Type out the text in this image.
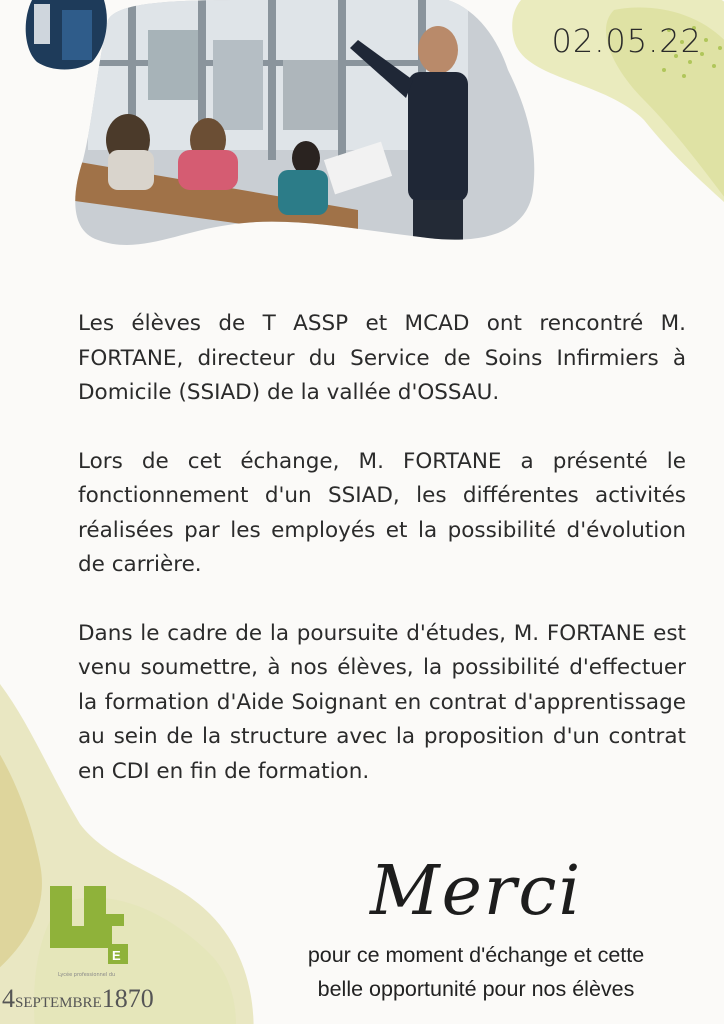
02.05.22

Les élèves de T ASSP et MCAD ont rencontré M. FORTANE, directeur du Service de Soins Infirmiers à Domicile (SSIAD) de la vallée d'OSSAU.

Lors de cet échange, M. FORTANE a présenté le fonctionnement d'un SSIAD, les différentes activités réalisées par les employés et la possibilité d'évolution de carrière.

Dans le cadre de la poursuite d'études, M. FORTANE est venu soumettre, à nos élèves, la possibilité d'effectuer la formation d'Aide Soignant en contrat d'apprentissage au sein de la structure avec la proposition d'un contrat en CDI en fin de formation.

Merci
pour ce moment d'échange et cette
belle opportunité pour nos élèves
E
Lycée professionnel du
4SEPTEMBRE1870
